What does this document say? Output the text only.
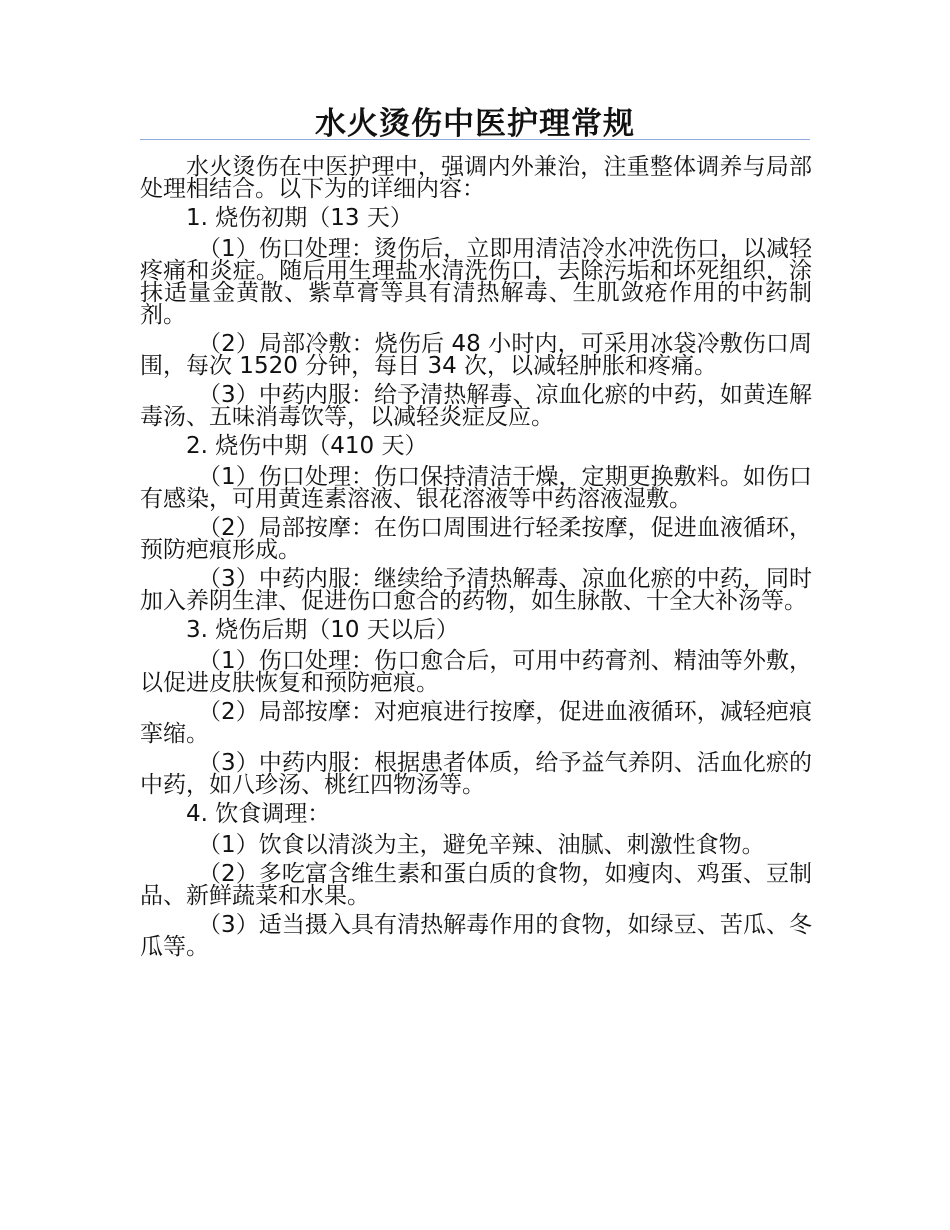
水火烫伤中医护理常规

水火烫伤在中医护理中，强调内外兼治，注重整体调养与局部处理相结合。以下为的详细内容：

1. 烧伤初期（13 天）

（1）伤口处理：烫伤后，立即用清洁冷水冲洗伤口，以减轻疼痛和炎症。随后用生理盐水清洗伤口，去除污垢和坏死组织，涂抹适量金黄散、紫草膏等具有清热解毒、生肌敛疮作用的中药制剂。

（2）局部冷敷：烧伤后 48 小时内，可采用冰袋冷敷伤口周围，每次 1520 分钟，每日 34 次，以减轻肿胀和疼痛。

（3）中药内服：给予清热解毒、凉血化瘀的中药，如黄连解毒汤、五味消毒饮等，以减轻炎症反应。

2. 烧伤中期（410 天）

（1）伤口处理：伤口保持清洁干燥，定期更换敷料。如伤口有感染，可用黄连素溶液、银花溶液等中药溶液湿敷。

（2）局部按摩：在伤口周围进行轻柔按摩，促进血液循环，预防疤痕形成。

（3）中药内服：继续给予清热解毒、凉血化瘀的中药，同时加入养阴生津、促进伤口愈合的药物，如生脉散、十全大补汤等。

3. 烧伤后期（10 天以后）

（1）伤口处理：伤口愈合后，可用中药膏剂、精油等外敷，以促进皮肤恢复和预防疤痕。

（2）局部按摩：对疤痕进行按摩，促进血液循环，减轻疤痕挛缩。

（3）中药内服：根据患者体质，给予益气养阴、活血化瘀的中药，如八珍汤、桃红四物汤等。

4. 饮食调理：

（1）饮食以清淡为主，避免辛辣、油腻、刺激性食物。

（2）多吃富含维生素和蛋白质的食物，如瘦肉、鸡蛋、豆制品、新鲜蔬菜和水果。

（3）适当摄入具有清热解毒作用的食物，如绿豆、苦瓜、冬瓜等。
